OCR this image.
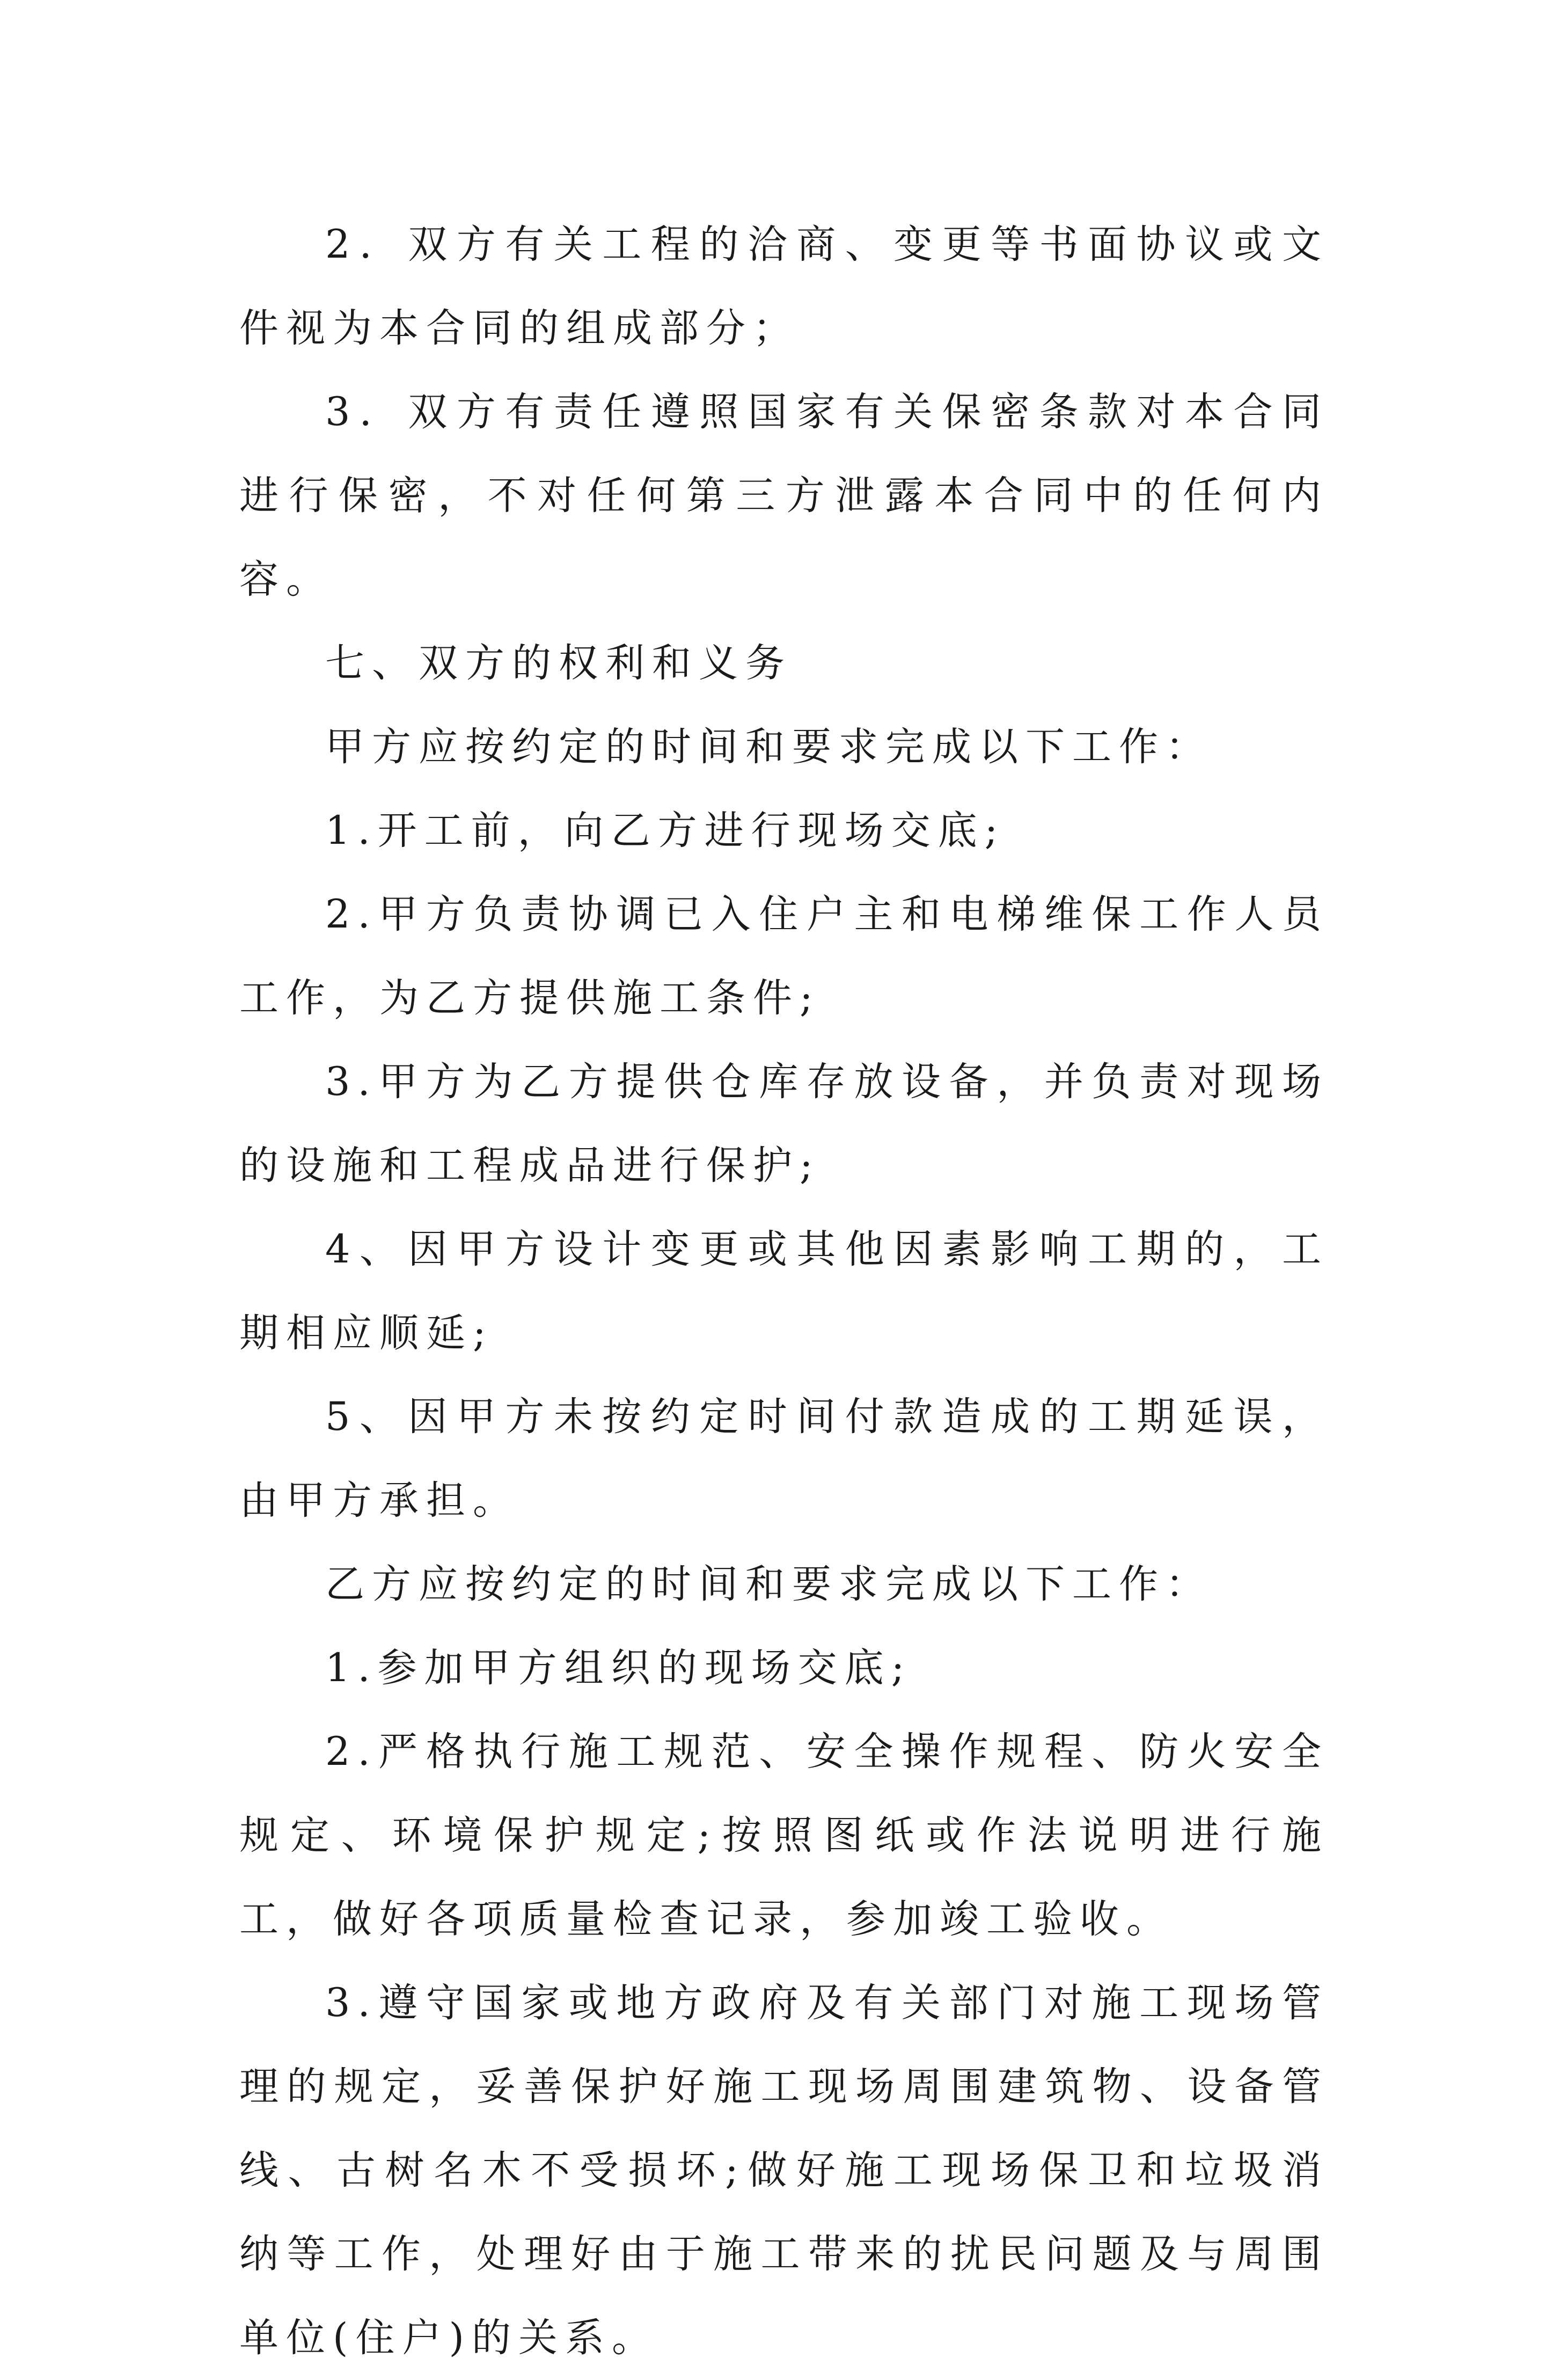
2．双方有关工程的洽商、变更等书面协议或文件视为本合同的组成部分；

3．双方有责任遵照国家有关保密条款对本合同进行保密，不对任何第三方泄露本合同中的任何内容。

七、双方的权利和义务

甲方应按约定的时间和要求完成以下工作：

1.开工前，向乙方进行现场交底;

2.甲方负责协调已入住户主和电梯维保工作人员工作，为乙方提供施工条件;

3.甲方为乙方提供仓库存放设备，并负责对现场的设施和工程成品进行保护;

4、因甲方设计变更或其他因素影响工期的，工期相应顺延;

5、因甲方未按约定时间付款造成的工期延误，由甲方承担。

乙方应按约定的时间和要求完成以下工作：

1.参加甲方组织的现场交底;

2.严格执行施工规范、安全操作规程、防火安全规定、环境保护规定;按照图纸或作法说明进行施工，做好各项质量检查记录，参加竣工验收。

3.遵守国家或地方政府及有关部门对施工现场管理的规定，妥善保护好施工现场周围建筑物、设备管线、古树名木不受损坏;做好施工现场保卫和垃圾消纳等工作，处理好由于施工带来的扰民问题及与周围单位(住户)的关系。
